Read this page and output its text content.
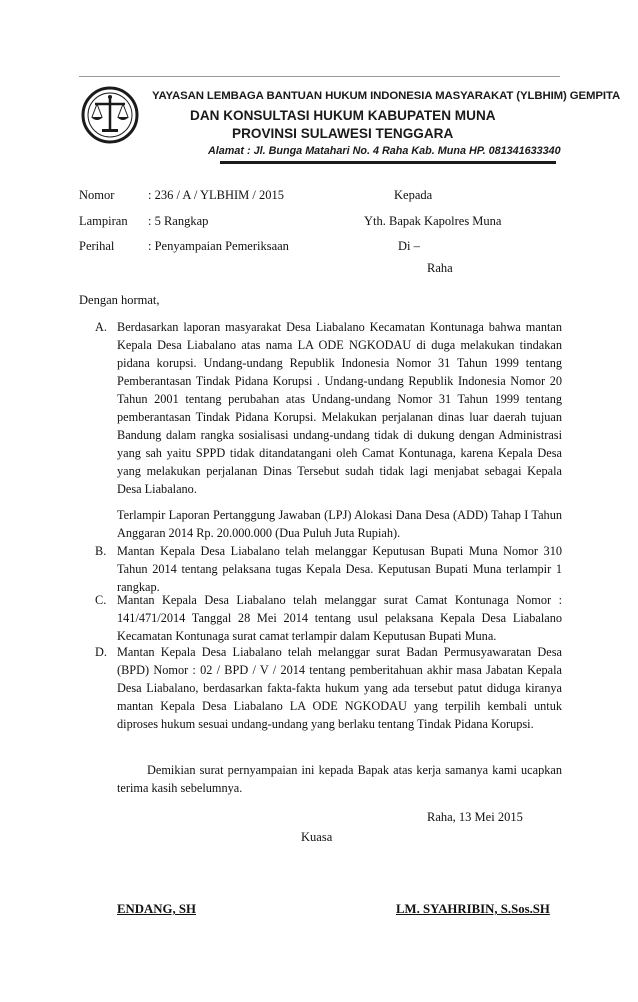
YAYASAN LEMBAGA BANTUAN HUKUM INDONESIA MASYARAKAT (YLBHIM) GEMPITA
DAN KONSULTASI HUKUM KABUPATEN MUNA
PROVINSI SULAWESI TENGGARA
Alamat : Jl. Bunga Matahari No. 4 Raha Kab. Muna HP. 081341633340
Nomor	: 236 / A / YLBHIM / 2015
Lampiran : 5 Rangkap
Perihal	: Penyampaian Pemeriksaan
Kepada
Yth. Bapak Kapolres Muna
Di –
Raha
Dengan hormat,
A. Berdasarkan laporan masyarakat Desa Liabalano Kecamatan Kontunaga bahwa mantan Kepala Desa Liabalano atas nama LA ODE NGKODAU di duga melakukan tindakan pidana korupsi. Undang-undang Republik Indonesia Nomor 31 Tahun 1999 tentang Pemberantasan Tindak Pidana Korupsi . Undang-undang Republik Indonesia Nomor 20 Tahun 2001 tentang perubahan atas Undang-undang Nomor 31 Tahun 1999 tentang pemberantasan Tindak Pidana Korupsi. Melakukan perjalanan dinas luar daerah tujuan Bandung dalam rangka sosialisasi undang-undang tidak di dukung dengan Administrasi yang sah yaitu SPPD tidak ditandatangani oleh Camat Kontunaga, karena Kepala Desa yang melakukan perjalanan Dinas Tersebut sudah tidak lagi menjabat sebagai Kepala Desa Liabalano.

Terlampir Laporan Pertanggung Jawaban (LPJ) Alokasi Dana Desa (ADD) Tahap I Tahun Anggaran 2014 Rp. 20.000.000 (Dua Puluh Juta Rupiah).

B. Mantan Kepala Desa Liabalano telah melanggar Keputusan Bupati Muna Nomor 310 Tahun 2014 tentang pelaksana tugas Kepala Desa. Keputusan Bupati Muna terlampir 1 rangkap.

C. Mantan Kepala Desa Liabalano telah melanggar surat Camat Kontunaga Nomor : 141/471/2014 Tanggal 28 Mei 2014 tentang usul pelaksana Kepala Desa Liabalano Kecamatan Kontunaga surat camat terlampir dalam Keputusan Bupati Muna.

D. Mantan Kepala Desa Liabalano telah melanggar surat Badan Permusyawaratan Desa (BPD) Nomor : 02 / BPD / V / 2014 tentang pemberitahuan akhir masa Jabatan Kepala Desa Liabalano, berdasarkan fakta-fakta hukum yang ada tersebut patut diduga kiranya mantan Kepala Desa Liabalano LA ODE NGKODAU yang terpilih kembali untuk diproses hukum sesuai undang-undang yang berlaku tentang Tindak Pidana Korupsi.

Demikian surat pernyampaian ini kepada Bapak atas kerja samanya kami ucapkan terima kasih sebelumnya.

Raha, 13 Mei 2015
Kuasa
ENDANG, SH	LM. SYAHRIBIN, S.Sos.SH
